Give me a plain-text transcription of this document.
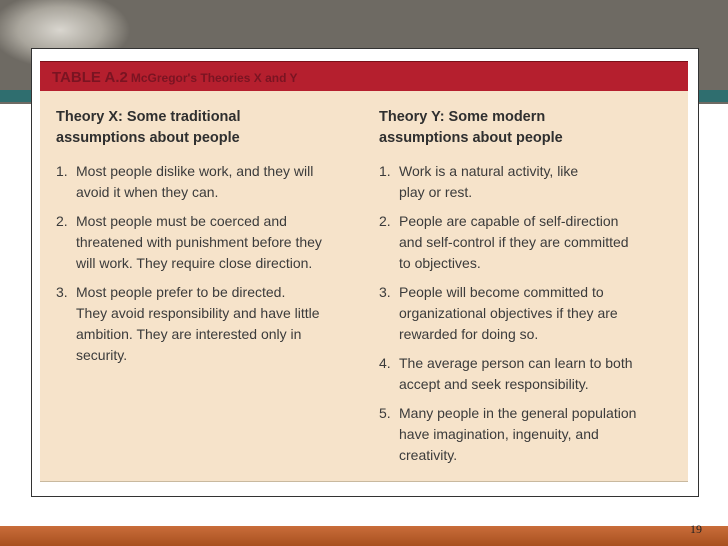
TABLE A.2 McGregor's Theories X and Y
Theory X: Some traditional
assumptions about people
1. Most people dislike work, and they will
avoid it when they can.
2. Most people must be coerced and
threatened with punishment before they
will work. They require close direction.
3. Most people prefer to be directed.
They avoid responsibility and have little
ambition. They are interested only in
security.
Theory Y: Some modern
assumptions about people
1. Work is a natural activity, like
play or rest.
2. People are capable of self-direction
and self-control if they are committed
to objectives.
3. People will become committed to
organizational objectives if they are
rewarded for doing so.
4. The average person can learn to both
accept and seek responsibility.
5. Many people in the general population
have imagination, ingenuity, and
creativity.
19
